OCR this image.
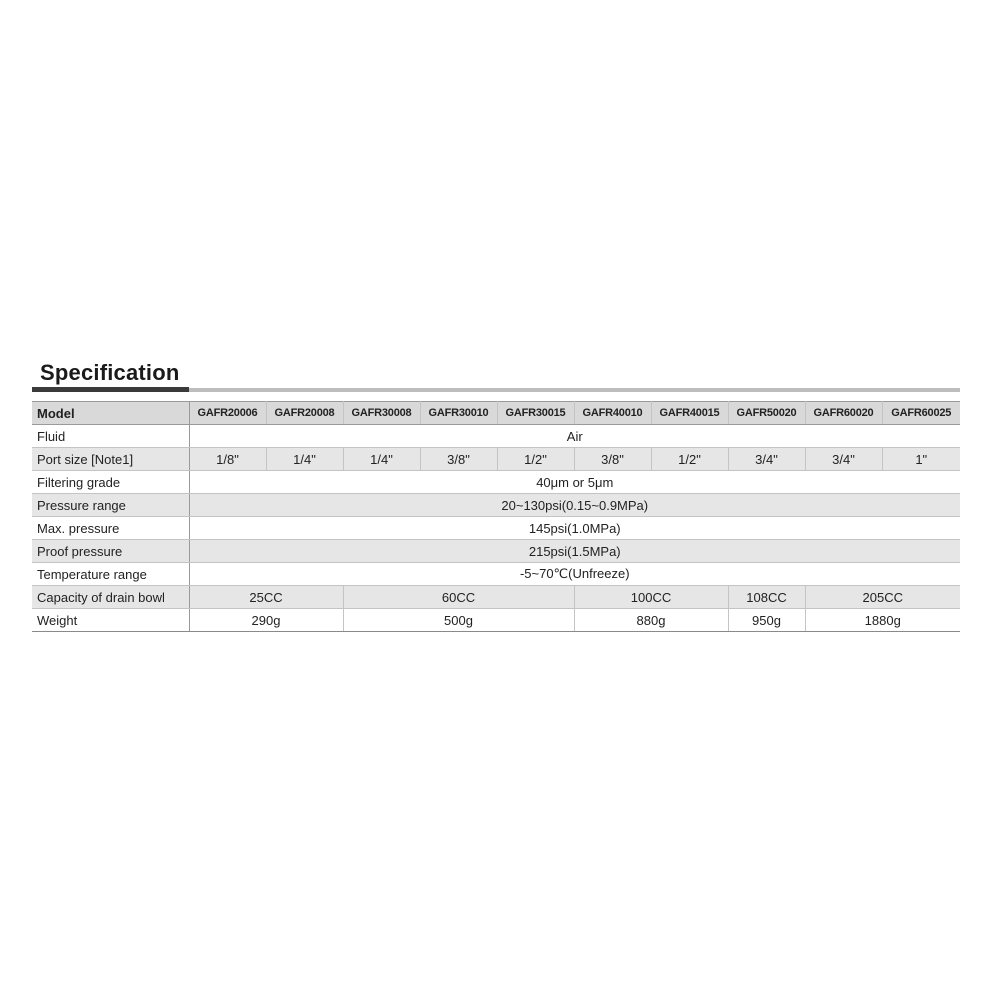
Specification
Model	GAFR20006	GAFR20008	GAFR30008	GAFR30010	GAFR30015	GAFR40010	GAFR40015	GAFR50020	GAFR60020	GAFR60025
Fluid	Air									
Port size [Note1]	1/8"	1/4"	1/4"	3/8"	1/2"	3/8"	1/2"	3/4"	3/4"	1"
Filtering grade	40μm or 5μm									
Pressure range	20~130psi(0.15~0.9MPa)									
Max. pressure	145psi(1.0MPa)									
Proof pressure	215psi(1.5MPa)									
Temperature range	-5~70℃(Unfreeze)									
Capacity of drain bowl	25CC		60CC			100CC		108CC	205CC	
Weight	290g		500g			880g		950g	1880g	
